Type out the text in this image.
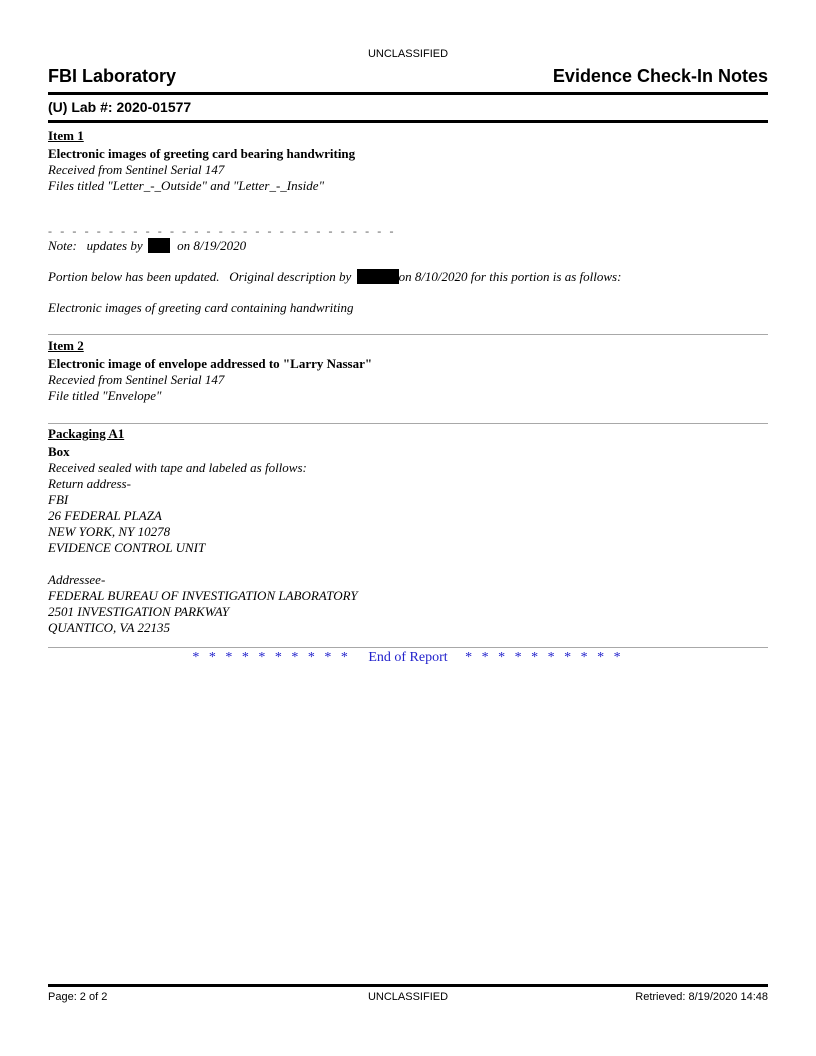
UNCLASSIFIED
FBI Laboratory	Evidence Check-In Notes
(U) Lab #: 2020-01577
Item 1
Electronic images of greeting card bearing handwriting
Received from Sentinel Serial 147
Files titled "Letter_-_Outside" and "Letter_-_Inside"
- - - - - - - - - - - - - - - - - - - - - - - - - - - - -
Note:   updates by	on 8/19/2020
Portion below has been updated.   Original description by	on 8/10/2020 for this portion is as follows:
Electronic images of greeting card containing handwriting
Item 2
Electronic image of envelope addressed to "Larry Nassar"
Recevied from Sentinel Serial 147
File titled "Envelope"
Packaging A1
Box
Received sealed with tape and labeled as follows:
Return address-
FBI
26 FEDERAL PLAZA
NEW YORK, NY 10278
EVIDENCE CONTROL UNIT
Addressee-
FEDERAL BUREAU OF INVESTIGATION LABORATORY
2501 INVESTIGATION PARKWAY
QUANTICO, VA 22135
* * * * * * * * * * End of Report * * * * * * * * * *
Page: 2 of 2	UNCLASSIFIED	Retrieved: 8/19/2020 14:48
